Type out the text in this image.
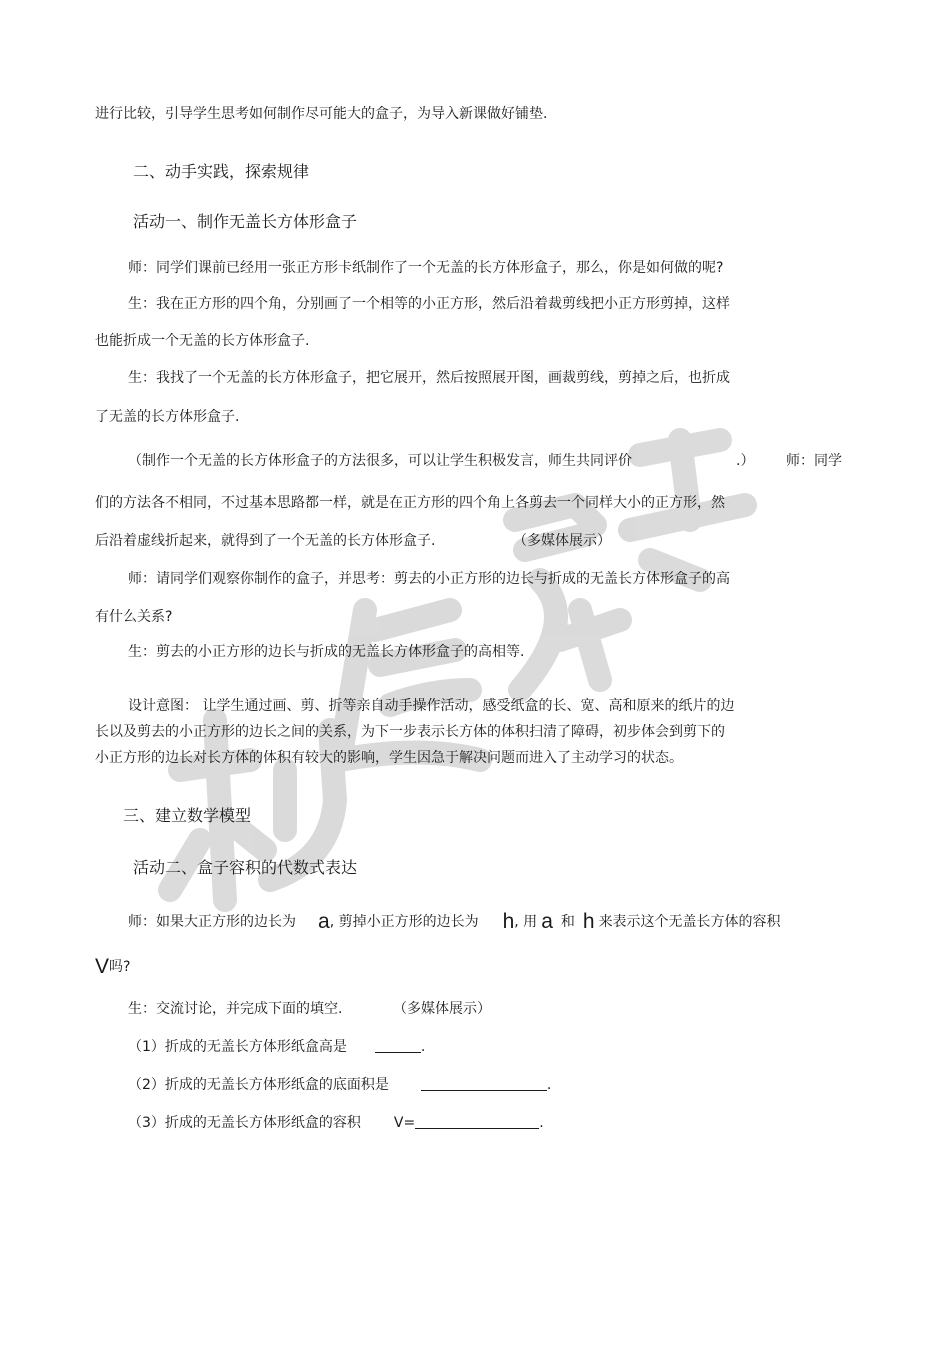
进行比较，引导学生思考如何制作尽可能大的盒子，为导入新课做好铺垫.
二、动手实践，探索规律
活动一、制作无盖长方体形盒子
师：同学们课前已经用一张正方形卡纸制作了一个无盖的长方体形盒子，那么，你是如何做的呢?
生：我在正方形的四个角，分别画了一个相等的小正方形，然后沿着裁剪线把小正方形剪掉，这样
也能折成一个无盖的长方体形盒子.
生：我找了一个无盖的长方体形盒子，把它展开，然后按照展开图，画裁剪线，剪掉之后，也折成
了无盖的长方体形盒子.
（制作一个无盖的长方体形盒子的方法很多，可以让学生积极发言，师生共同评价	.） 师：同学
们的方法各不相同，不过基本思路都一样，就是在正方形的四个角上各剪去一个同样大小的正方形，然
后沿着虚线折起来，就得到了一个无盖的长方体形盒子.	（多媒体展示）
师：请同学们观察你制作的盒子，并思考：剪去的小正方形的边长与折成的无盖长方体形盒子的高
有什么关系?
生：剪去的小正方形的边长与折成的无盖长方体形盒子的高相等.
设计意图： 让学生通过画、剪、折等亲自动手操作活动，感受纸盒的长、宽、高和原来的纸片的边
长以及剪去的小正方形的边长之间的关系，为下一步表示长方体的体积扫清了障碍，初步体会到剪下的
小正方形的边长对长方体的体积有较大的影响，学生因急于解决问题而进入了主动学习的状态。
三、建立数学模型
活动二、盒子容积的代数式表达
师：如果大正方形的边长为 a, 剪掉小正方形的边长为 h, 用 a 和 h 来表示这个无盖长方体的容积
V吗?
生：交流讨论，并完成下面的填空.	（多媒体展示）
（1）折成的无盖长方体形纸盒高是	.
（2）折成的无盖长方体形纸盒的底面积是	.
（3）折成的无盖长方体形纸盒的容积 V=	.
